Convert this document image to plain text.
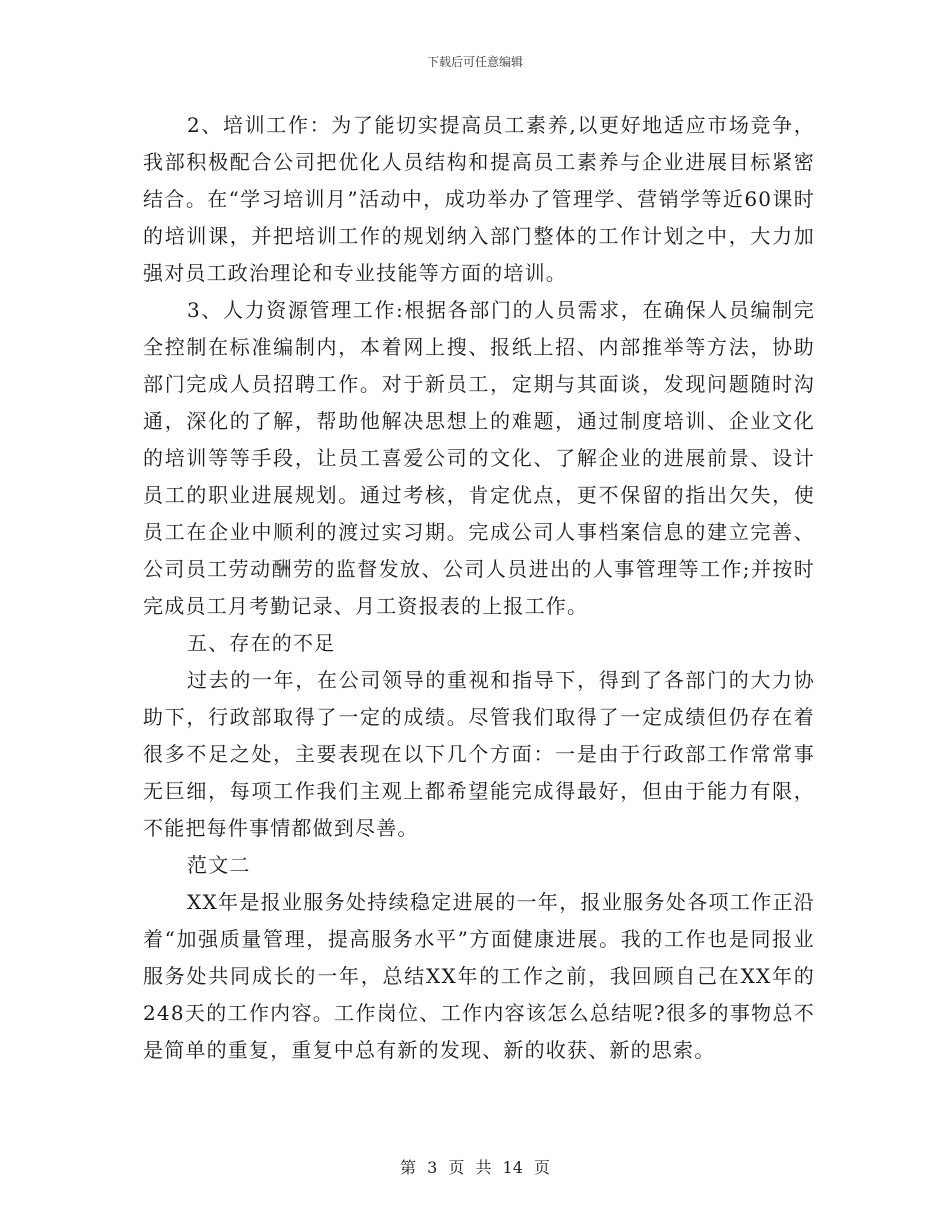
下载后可任意编辑

2、培训工作：为了能切实提高员工素养,以更好地适应市场竞争，我部积极配合公司把优化人员结构和提高员工素养与企业进展目标紧密结合。在“学习培训月”活动中，成功举办了管理学、营销学等近60课时的培训课，并把培训工作的规划纳入部门整体的工作计划之中，大力加强对员工政治理论和专业技能等方面的培训。

3、人力资源管理工作:根据各部门的人员需求，在确保人员编制完全控制在标准编制内，本着网上搜、报纸上招、内部推举等方法，协助部门完成人员招聘工作。对于新员工，定期与其面谈，发现问题随时沟通，深化的了解，帮助他解决思想上的难题，通过制度培训、企业文化的培训等等手段，让员工喜爱公司的文化、了解企业的进展前景、设计员工的职业进展规划。通过考核，肯定优点，更不保留的指出欠失，使员工在企业中顺利的渡过实习期。完成公司人事档案信息的建立完善、公司员工劳动酬劳的监督发放、公司人员进出的人事管理等工作;并按时完成员工月考勤记录、月工资报表的上报工作。

五、存在的不足

过去的一年，在公司领导的重视和指导下，得到了各部门的大力协助下，行政部取得了一定的成绩。尽管我们取得了一定成绩但仍存在着很多不足之处，主要表现在以下几个方面：一是由于行政部工作常常事无巨细，每项工作我们主观上都希望能完成得最好，但由于能力有限，不能把每件事情都做到尽善。

范文二

XX年是报业服务处持续稳定进展的一年，报业服务处各项工作正沿着“加强质量管理，提高服务水平”方面健康进展。我的工作也是同报业服务处共同成长的一年，总结XX年的工作之前，我回顾自己在XX年的248天的工作内容。工作岗位、工作内容该怎么总结呢?很多的事物总不是简单的重复，重复中总有新的发现、新的收获、新的思索。

第 3 页 共 14 页
